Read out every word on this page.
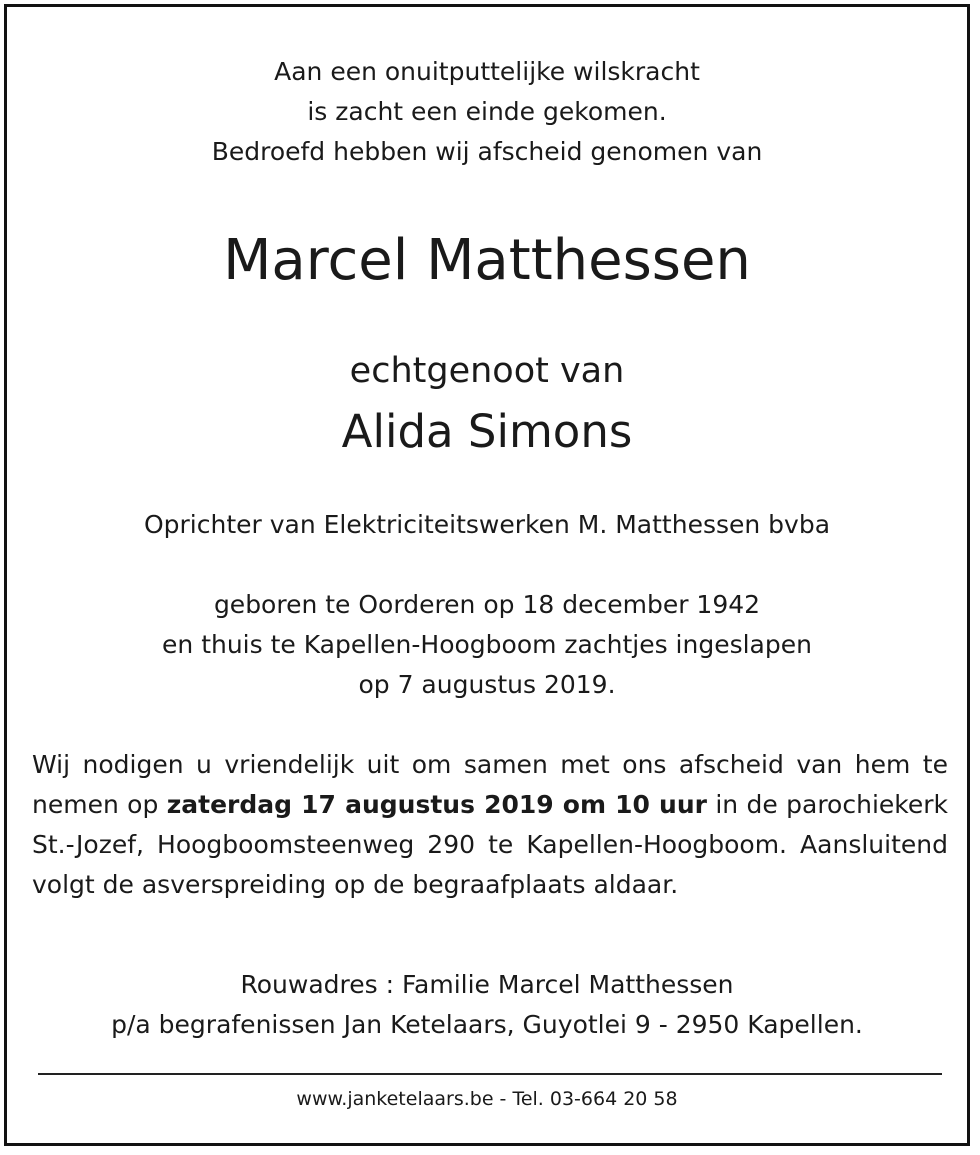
Aan een onuitputtelijke wilskracht

is zacht een einde gekomen.

Bedroefd hebben wij afscheid genomen van

Marcel Matthessen

echtgenoot van

Alida Simons

Oprichter van Elektriciteitswerken M. Matthessen bvba

geboren te Oorderen op 18 december 1942

en thuis te Kapellen-Hoogboom zachtjes ingeslapen

op 7 augustus 2019.

Wij nodigen u vriendelijk uit om samen met ons afscheid van hem te nemen op zaterdag 17 augustus 2019 om 10 uur in de parochiekerk St.-Jozef, Hoogboomsteenweg 290 te Kapellen-Hoogboom. Aansluitend volgt de asverspreiding op de begraafplaats aldaar.

Rouwadres : Familie Marcel Matthessen

p/a begrafenissen Jan Ketelaars, Guyotlei 9 - 2950 Kapellen.

www.janketelaars.be - Tel. 03-664 20 58
